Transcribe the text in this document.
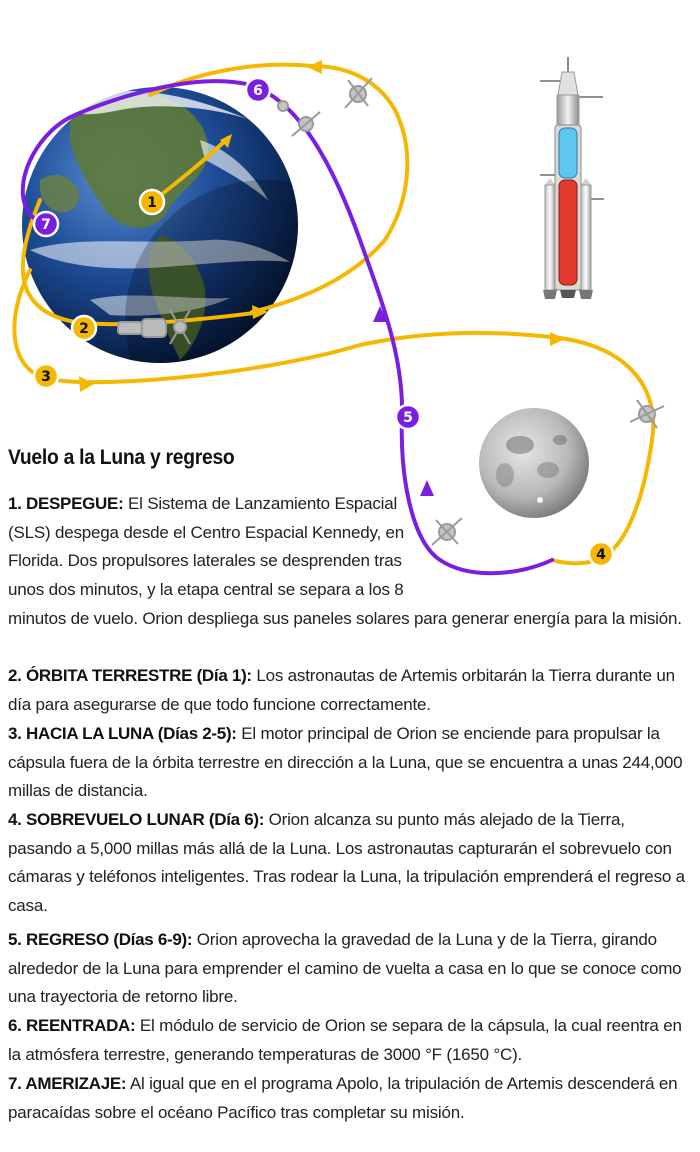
1
2
3
4
5
6
7
Vuelo a la Luna y regreso
1. DESPEGUE: El Sistema de Lanzamiento Espacial (SLS) despega desde el Centro Espacial Kennedy, en Florida. Dos propulsores laterales se desprenden tras unos dos minutos, y la etapa central se separa a los 8
minutos de vuelo. Orion despliega sus paneles solares para generar energía para la misión.
2. ÓRBITA TERRESTRE (Día 1): Los astronautas de Artemis orbitarán la Tierra durante un día para asegurarse de que todo funcione correctamente.
3. HACIA LA LUNA (Días 2-5): El motor principal de Orion se enciende para propulsar la cápsula fuera de la órbita terrestre en dirección a la Luna, que se encuentra a unas 244,000 millas de distancia.
4. SOBREVUELO LUNAR (Día 6): Orion alcanza su punto más alejado de la Tierra, pasando a 5,000 millas más allá de la Luna. Los astronautas capturarán el sobrevuelo con cámaras y teléfonos inteligentes. Tras rodear la Luna, la tripulación emprenderá el regreso a casa.
5. REGRESO (Días 6-9): Orion aprovecha la gravedad de la Luna y de la Tierra, girando alrededor de la Luna para emprender el camino de vuelta a casa en lo que se conoce como una trayectoria de retorno libre.
6. REENTRADA: El módulo de servicio de Orion se separa de la cápsula, la cual reentra en la atmósfera terrestre, generando temperaturas de 3000 °F (1650 °C).
7. AMERIZAJE: Al igual que en el programa Apolo, la tripulación de Artemis descenderá en paracaídas sobre el océano Pacífico tras completar su misión.
